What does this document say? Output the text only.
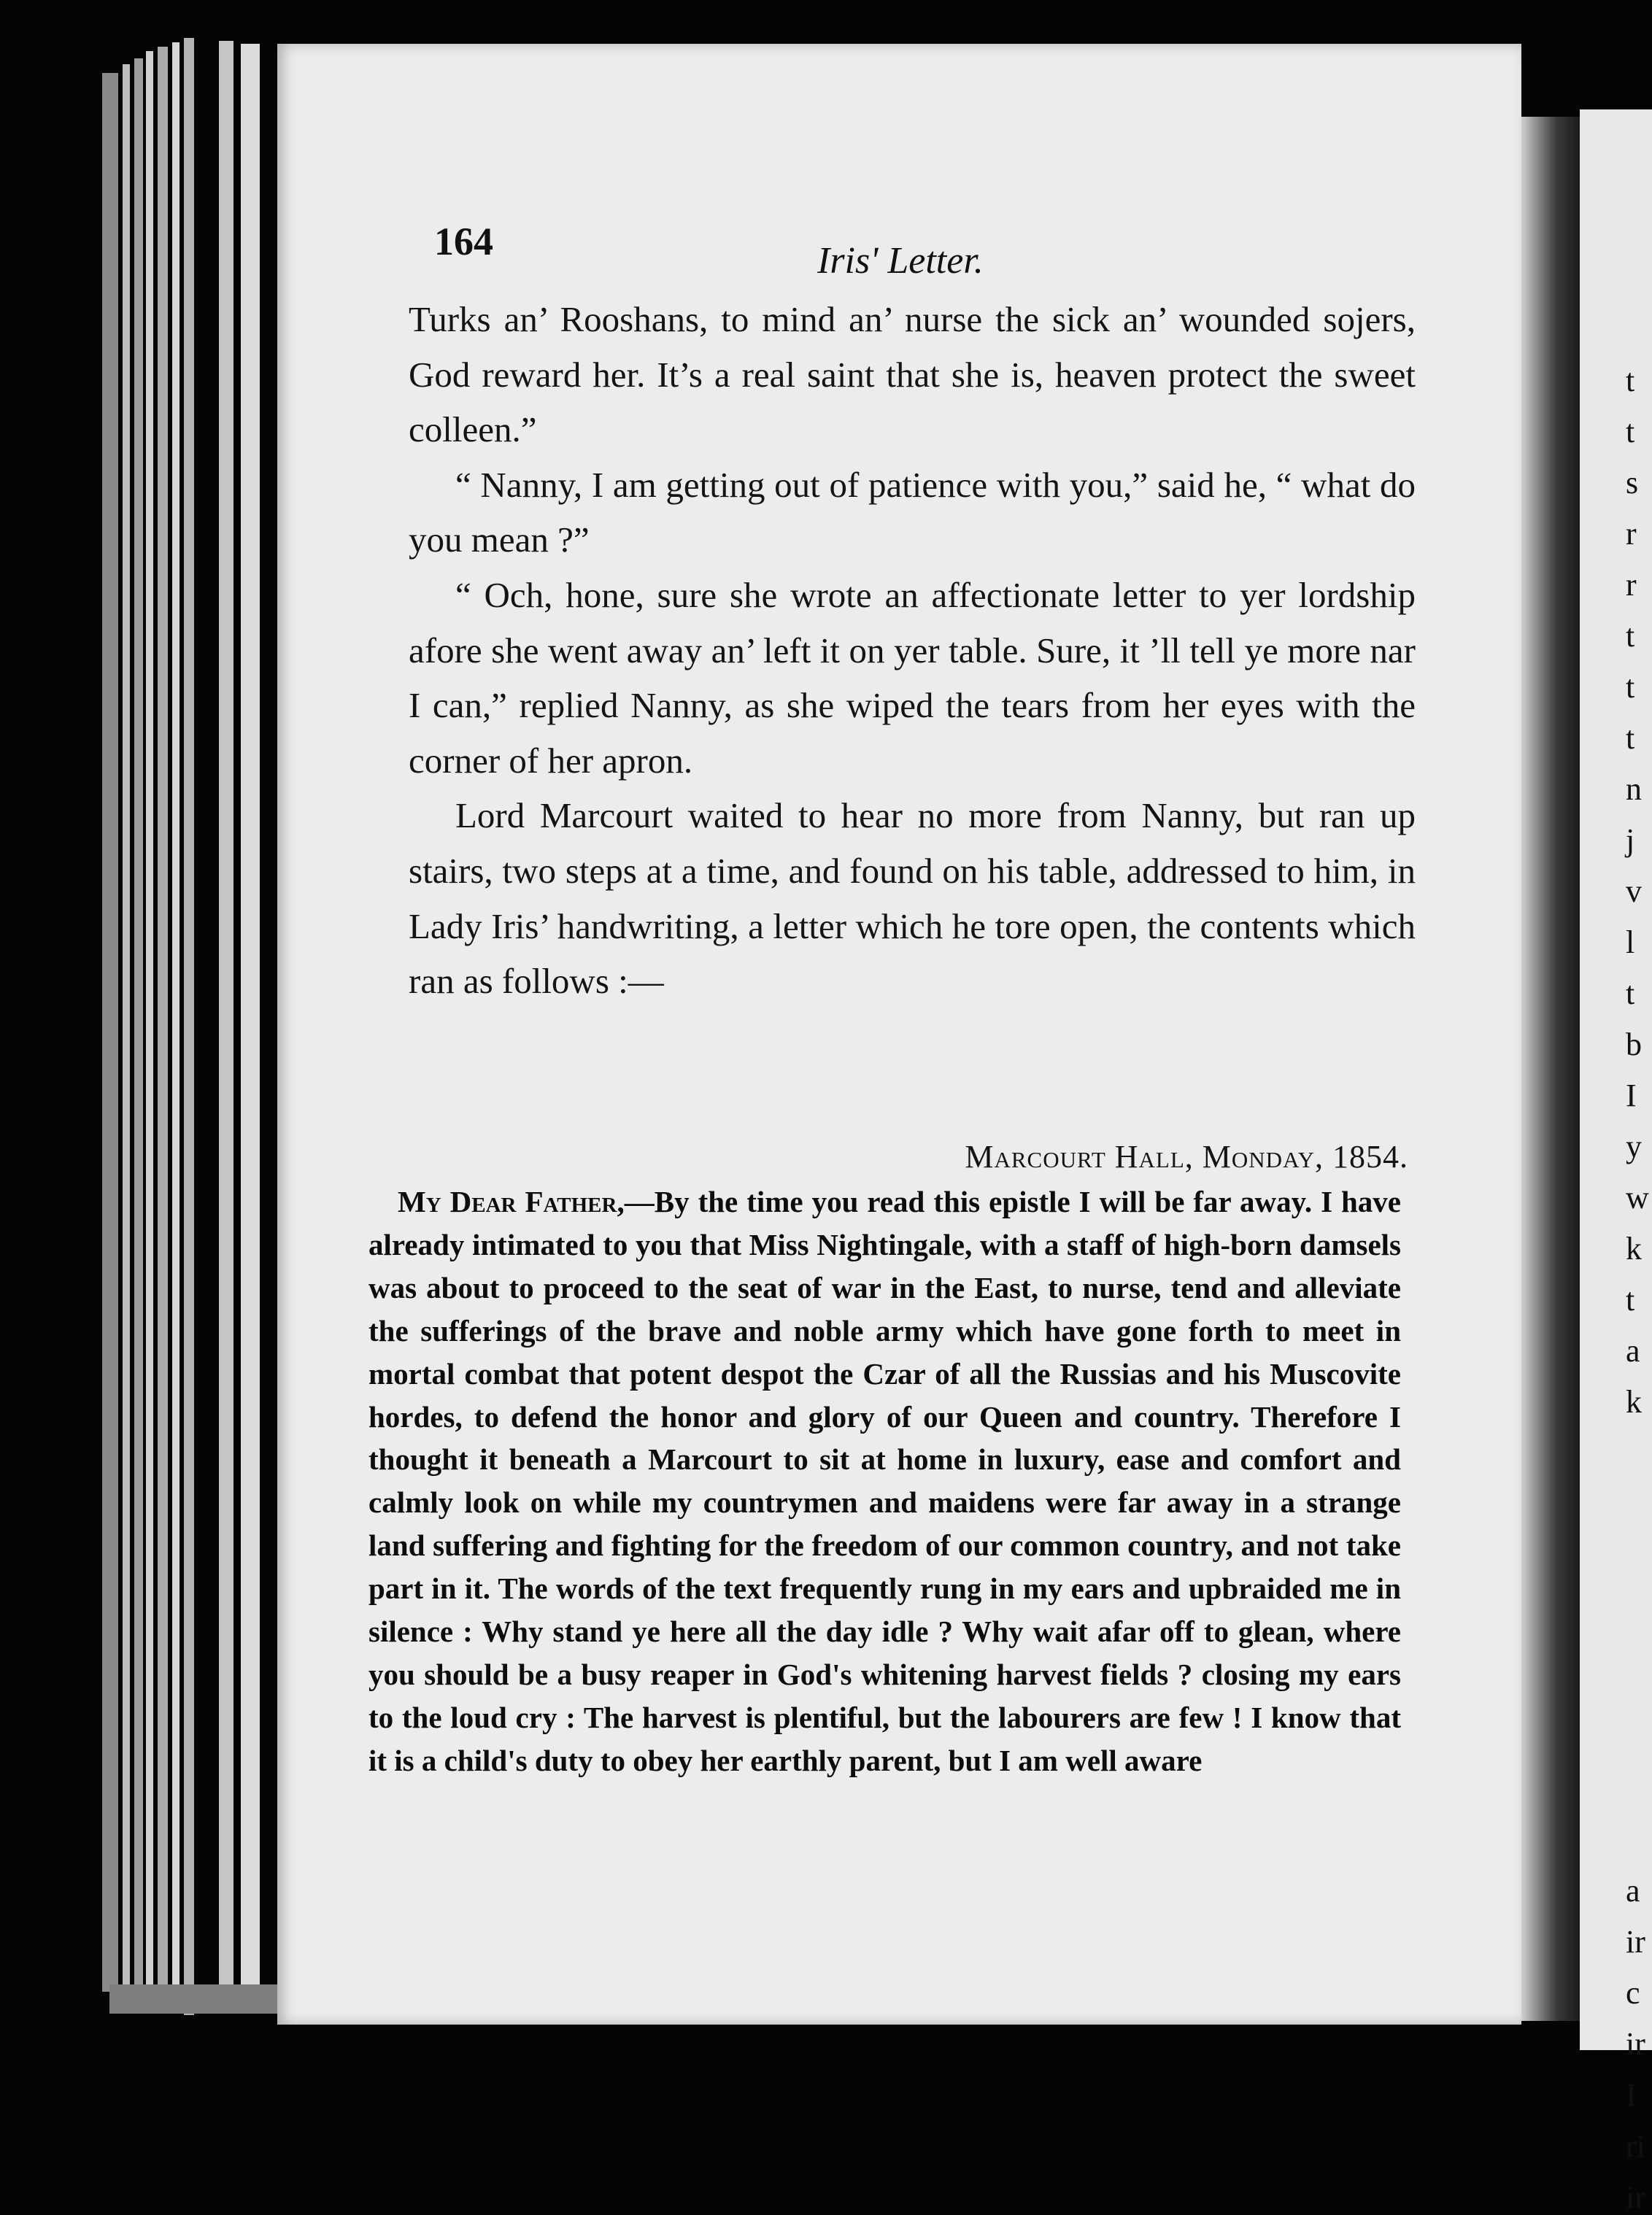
164	Iris' Letter.

Turks an’ Rooshans, to mind an’ nurse the sick an’ wounded sojers, God reward her. It’s a real saint that she is, heaven protect the sweet colleen.”

“ Nanny, I am getting out of patience with you,” said he, “ what do you mean ?”

“ Och, hone, sure she wrote an affectionate letter to yer lordship afore she went away an’ left it on yer table. Sure, it ’ll tell ye more nar I can,” replied Nanny, as she wiped the tears from her eyes with the corner of her apron.

Lord Marcourt waited to hear no more from Nanny, but ran up stairs, two steps at a time, and found on his table, addressed to him, in Lady Iris’ handwriting, a letter which he tore open, the contents which ran as follows :—

Marcourt Hall, Monday, 1854.
My Dear Father,—By the time you read this epistle I will be far away. I have already intimated to you that Miss Nightingale, with a staff of high-born damsels was about to proceed to the seat of war in the East, to nurse, tend and alleviate the sufferings of the brave and noble army which have gone forth to meet in mortal combat that potent despot the Czar of all the Russias and his Muscovite hordes, to defend the honor and glory of our Queen and country. Therefore I thought it beneath a Marcourt to sit at home in luxury, ease and comfort and calmly look on while my countrymen and maidens were far away in a strange land suffering and fighting for the freedom of our common country, and not take part in it. The words of the text frequently rung in my ears and upbraided me in silence : Why stand ye here all the day idle ? Why wait afar off to glean, where you should be a busy reaper in God's whitening harvest fields ? closing my ears to the loud cry : The harvest is plentiful, but the labourers are few ! I know that it is a child's duty to obey her earthly parent, but I am well aware
t
t
s
r
r
t
t
t
n
j
v
l
t
b
I
y
w
k
t
a
k
a
ir
c
ir
I
ri
ir
